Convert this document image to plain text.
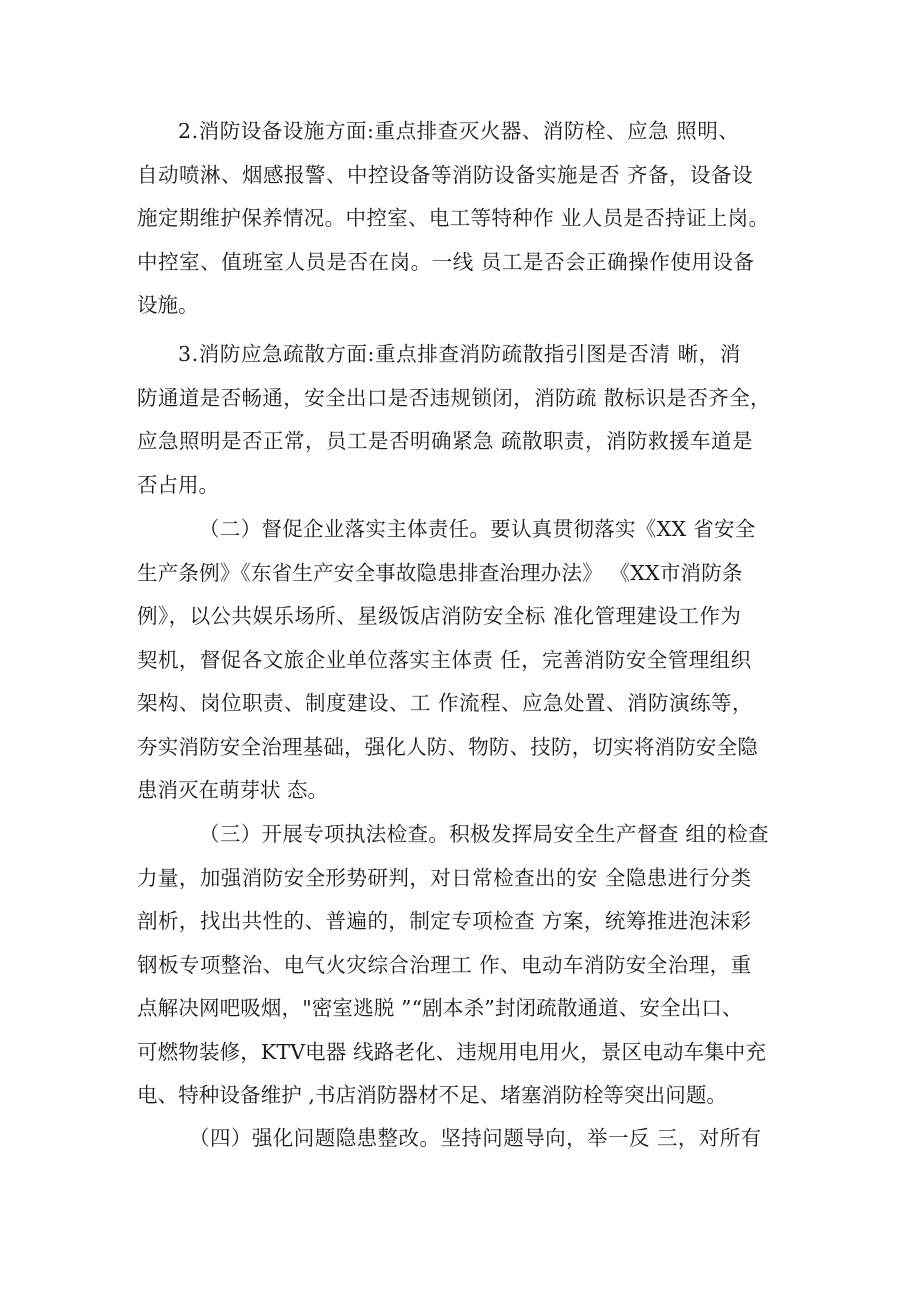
2.消防设备设施方面:重点排查灭火器、消防栓、应急 照明、
自动喷淋、烟感报警、中控设备等消防设备实施是否 齐备，设备设
施定期维护保养情况。中控室、电工等特种作 业人员是否持证上岗。
中控室、值班室人员是否在岗。一线 员工是否会正确操作使用设备
设施。
3.消防应急疏散方面:重点排查消防疏散指引图是否清 晰，消
防通道是否畅通，安全出口是否违规锁闭，消防疏 散标识是否齐全，
应急照明是否正常，员工是否明确紧急 疏散职责，消防救援车道是
否占用。
（二）督促企业落实主体责任。要认真贯彻落实《XX 省安全
生产条例》《东省生产安全事故隐患排查治理办法》 《XX市消防条
例》，以公共娱乐场所、星级饭店消防安全标 准化管理建设工作为
契机，督促各文旅企业单位落实主体责 任，完善消防安全管理组织
架构、岗位职责、制度建设、工 作流程、应急处置、消防演练等，
夯实消防安全治理基础，强化人防、物防、技防，切实将消防安全隐
患消灭在萌芽状 态。
（三）开展专项执法检查。积极发挥局安全生产督查 组的检查
力量，加强消防安全形势研判，对日常检查出的安 全隐患进行分类
剖析，找出共性的、普遍的，制定专项检查 方案，统筹推进泡沫彩
钢板专项整治、电气火灾综合治理工 作、电动车消防安全治理，重
点解决网吧吸烟，"密室逃脱 ”“剧本杀”封闭疏散通道、安全出口、
可燃物装修，KTV电器 线路老化、违规用电用火，景区电动车集中充
电、特种设备维护 ,书店消防器材不足、堵塞消防栓等突出问题。
（四）强化问题隐患整改。坚持问题导向，举一反 三，对所有
